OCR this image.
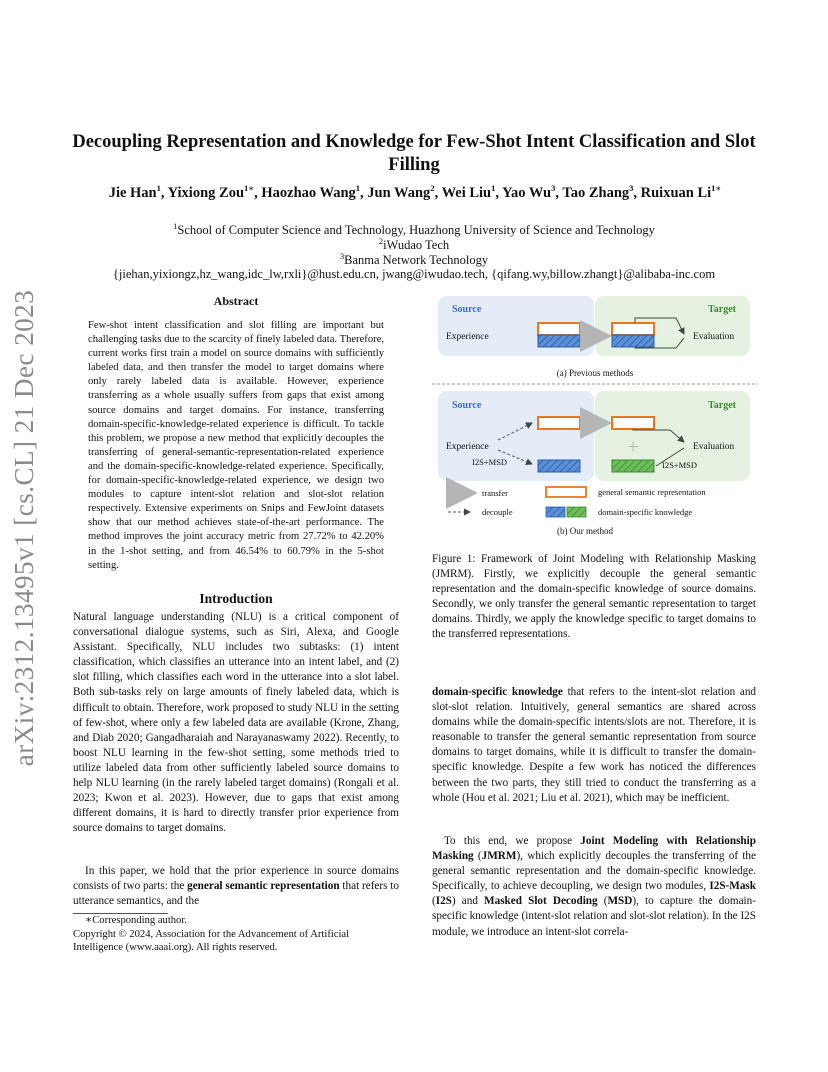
arXiv:2312.13495v1 [cs.CL] 21 Dec 2023
Decoupling Representation and Knowledge for Few-Shot Intent Classification and Slot Filling
Jie Han$^1$, Yixiong Zou$^{1∗}$, Haozhao Wang$^1$, Jun Wang$^2$, Wei Liu$^1$, Yao Wu$^3$, Tao Zhang$^3$, Ruixuan $Li^{1∗}$
$^1$School of Computer Science and Technology, Huazhong University of Science and Technology
$^2$iWudao Tech
$^3$Banma Network Technology
{jiehan,yixiongz,hz_wang,idc_lw,rxli}@hust.edu.cn, jwang@iwudao.tech, {qifang.wy,billow.zhangt}@alibaba-inc.com
Abstract
Few-shot intent classification and slot filling are important but challenging tasks due to the scarcity of finely labeled data. Therefore, current works first train a model on source domains with sufficiently labeled data, and then transfer the model to target domains where only rarely labeled data is available. However, experience transferring as a whole usually suffers from gaps that exist among source domains and target domains. For instance, transferring domain-specific-knowledge-related experience is difficult. To tackle this problem, we propose a new method that explicitly decouples the transferring of general-semantic-representation-related experience and the domain-specific-knowledge-related experience. Specifically, for domain-specific-knowledge-related experience, we design two modules to capture intent-slot relation and slot-slot relation respectively. Extensive experiments on Snips and FewJoint datasets show that our method achieves state-of-the-art performance. The method improves the joint accuracy metric from 27.72% to 42.20% in the 1-shot setting, and from 46.54% to 60.79% in the 5-shot setting.
Introduction
Natural language understanding (NLU) is a critical component of conversational dialogue systems, such as Siri, Alexa, and Google Assistant. Specifically, NLU includes two subtasks: (1) intent classification, which classifies an utterance into an intent label, and (2) slot filling, which classifies each word in the utterance into a slot label. Both sub-tasks rely on large amounts of finely labeled data, which is difficult to obtain. Therefore, work proposed to study NLU in the setting of few-shot, where only a few labeled data are available (Krone, Zhang, and Diab 2020; Gangadharaiah and Narayanaswamy 2022). Recently, to boost NLU learning in the few-shot setting, some methods tried to utilize labeled data from other sufficiently labeled source domains to help NLU learning (in the rarely labeled target domains) (Rongali et al. 2023; Kwon et al. 2023). However, due to gaps that exist among different domains, it is hard to directly transfer prior experience from source domains to target domains.

In this paper, we hold that the prior experience in source domains consists of two parts: the general semantic representation that refers to utterance semantics, and the

∗Corresponding author.
Copyright © 2024, Association for the Advancement of Artificial Intelligence (www.aaai.org). All rights reserved.
Source	Target
Experience	Evaluation
(a) Previous methods
Source	Target
Experience
I2S+MSD
+	Evaluation
I2S+MSD
transfer
decouple
general semantic representation
domain-specific knowledge
(b) Our method
Figure 1: Framework of Joint Modeling with Relationship Masking (JMRM). Firstly, we explicitly decouple the general semantic representation and the domain-specific knowledge of source domains. Secondly, we only transfer the general semantic representation to target domains. Thirdly, we apply the knowledge specific to target domains to the transferred representations.

domain-specific knowledge that refers to the intent-slot relation and slot-slot relation. Intuitively, general semantics are shared across domains while the domain-specific intents/slots are not. Therefore, it is reasonable to transfer the general semantic representation from source domains to target domains, while it is difficult to transfer the domain-specific knowledge. Despite a few work has noticed the differences between the two parts, they still tried to conduct the transferring as a whole (Hou et al. 2021; Liu et al. 2021), which may be inefficient.

To this end, we propose Joint Modeling with Relationship Masking (JMRM), which explicitly decouples the transferring of the general semantic representation and the domain-specific knowledge. Specifically, to achieve decoupling, we design two modules, I2S-Mask (I2S) and Masked Slot Decoding (MSD), to capture the domain-specific knowledge (intent-slot relation and slot-slot relation). In the I2S module, we introduce an intent-slot correla-
